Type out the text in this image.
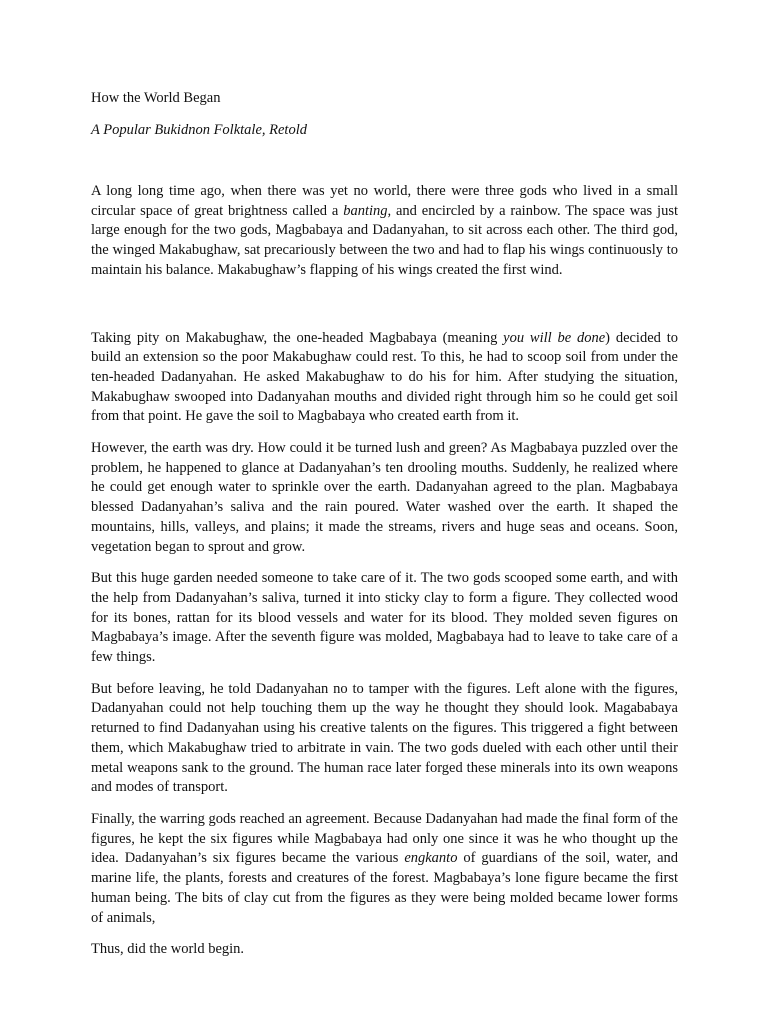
How the World Began

A Popular Bukidnon Folktale, Retold

A long long time ago, when there was yet no world, there were three gods who lived in a small circular space of great brightness called a banting, and encircled by a rainbow. The space was just large enough for the two gods, Magbabaya and Dadanyahan, to sit across each other. The third god, the winged Makabughaw, sat precariously between the two and had to flap his wings continuously to maintain his balance. Makabughaw’s flapping of his wings created the first wind.

Taking pity on Makabughaw, the one-headed Magbabaya (meaning you will be done) decided to build an extension so the poor Makabughaw could rest. To this, he had to scoop soil from under the ten-headed Dadanyahan. He asked Makabughaw to do his for him. After studying the situation, Makabughaw swooped into Dadanyahan mouths and divided right through him so he could get soil from that point. He gave the soil to Magbabaya who created earth from it.

However, the earth was dry. How could it be turned lush and green? As Magbabaya puzzled over the problem, he happened to glance at Dadanyahan’s ten drooling mouths. Suddenly, he realized where he could get enough water to sprinkle over the earth. Dadanyahan agreed to the plan. Magbabaya blessed Dadanyahan’s saliva and the rain poured. Water washed over the earth. It shaped the mountains, hills, valleys, and plains; it made the streams, rivers and huge seas and oceans. Soon, vegetation began to sprout and grow.

But this huge garden needed someone to take care of it. The two gods scooped some earth, and with the help from Dadanyahan’s saliva, turned it into sticky clay to form a figure. They collected wood for its bones, rattan for its blood vessels and water for its blood. They molded seven figures on Magbabaya’s image. After the seventh figure was molded, Magbabaya had to leave to take care of a few things.

But before leaving, he told Dadanyahan no to tamper with the figures. Left alone with the figures, Dadanyahan could not help touching them up the way he thought they should look. Magababaya returned to find Dadanyahan using his creative talents on the figures. This triggered a fight between them, which Makabughaw tried to arbitrate in vain. The two gods dueled with each other until their metal weapons sank to the ground. The human race later forged these minerals into its own weapons and modes of transport.

Finally, the warring gods reached an agreement. Because Dadanyahan had made the final form of the figures, he kept the six figures while Magbabaya had only one since it was he who thought up the idea. Dadanyahan’s six figures became the various engkanto of guardians of the soil, water, and marine life, the plants, forests and creatures of the forest. Magbabaya’s lone figure became the first human being. The bits of clay cut from the figures as they were being molded became lower forms of animals,

Thus, did the world begin.
